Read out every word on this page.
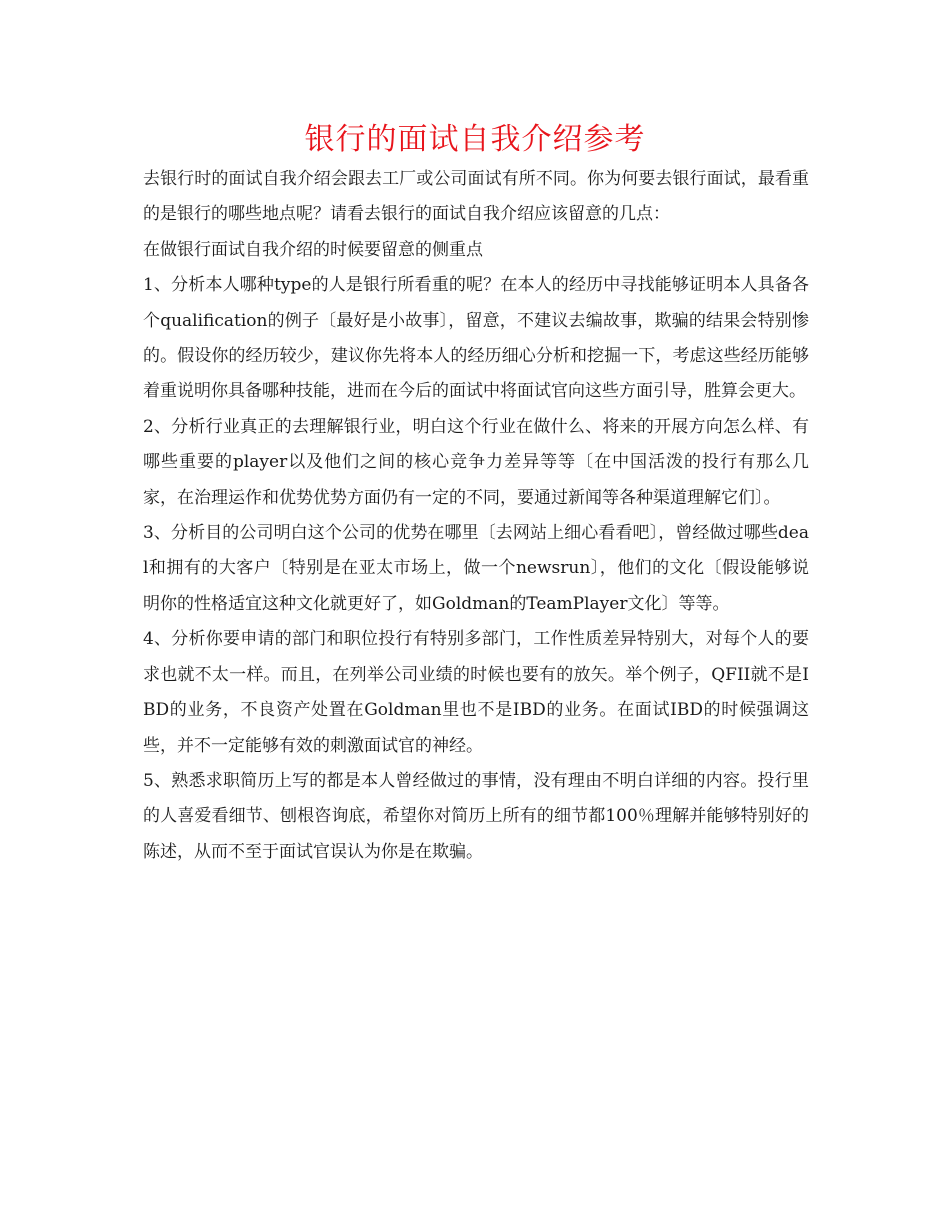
银行的面试自我介绍参考

去银行时的面试自我介绍会跟去工厂或公司面试有所不同。你为何要去银行面试，最看重的是银行的哪些地点呢？请看去银行的面试自我介绍应该留意的几点：

在做银行面试自我介绍的时候要留意的侧重点

1、分析本人哪种type的人是银行所看重的呢？在本人的经历中寻找能够证明本人具备各个qualification的例子〔最好是小故事〕，留意，不建议去编故事，欺骗的结果会特别惨的。假设你的经历较少，建议你先将本人的经历细心分析和挖掘一下，考虑这些经历能够着重说明你具备哪种技能，进而在今后的面试中将面试官向这些方面引导，胜算会更大。

2、分析行业真正的去理解银行业，明白这个行业在做什么、将来的开展方向怎么样、有哪些重要的player以及他们之间的核心竞争力差异等等〔在中国活泼的投行有那么几家，在治理运作和优势优势方面仍有一定的不同，要通过新闻等各种渠道理解它们〕。

3、分析目的公司明白这个公司的优势在哪里〔去网站上细心看看吧〕，曾经做过哪些deal和拥有的大客户〔特别是在亚太市场上，做一个newsrun〕，他们的文化〔假设能够说明你的性格适宜这种文化就更好了，如Goldman的TeamPlayer文化〕等等。

4、分析你要申请的部门和职位投行有特别多部门，工作性质差异特别大，对每个人的要求也就不太一样。而且，在列举公司业绩的时候也要有的放矢。举个例子，QFII就不是IBD的业务，不良资产处置在Goldman里也不是IBD的业务。在面试IBD的时候强调这些，并不一定能够有效的刺激面试官的神经。

5、熟悉求职简历上写的都是本人曾经做过的事情，没有理由不明白详细的内容。投行里的人喜爱看细节、刨根咨询底，希望你对简历上所有的细节都100％理解并能够特别好的陈述，从而不至于面试官误认为你是在欺骗。
